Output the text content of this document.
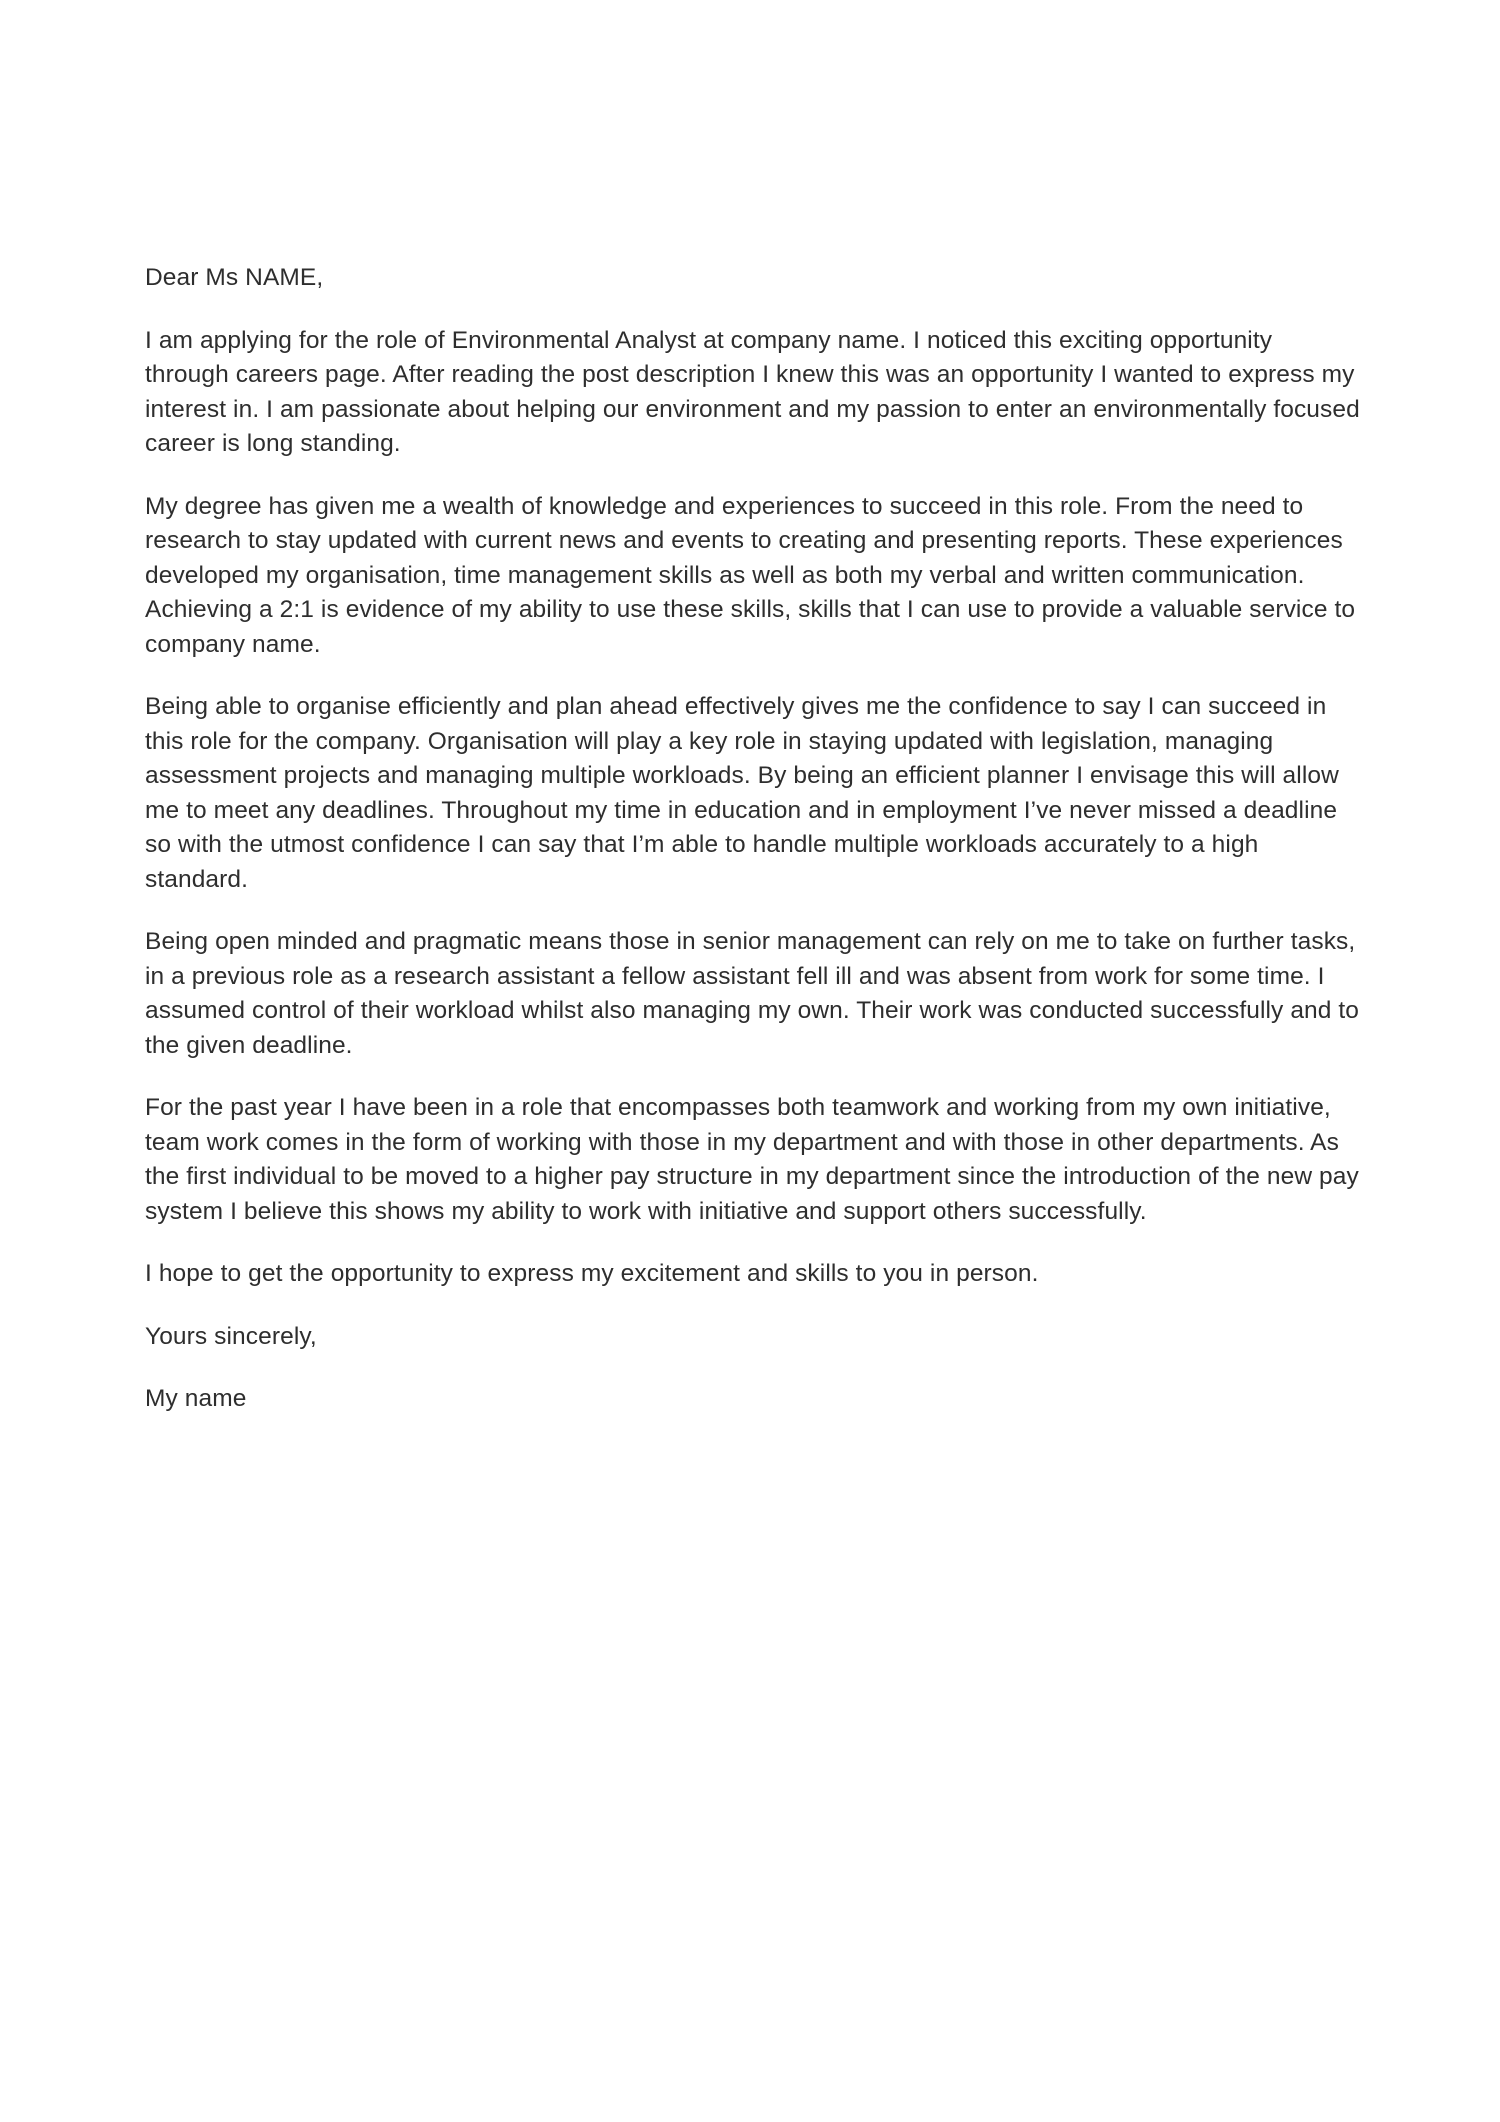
Dear Ms NAME,

I am applying for the role of Environmental Analyst at company name. I noticed this exciting opportunity through careers page. After reading the post description I knew this was an opportunity I wanted to express my interest in. I am passionate about helping our environment and my passion to enter an environmentally focused career is long standing.

My degree has given me a wealth of knowledge and experiences to succeed in this role. From the need to research to stay updated with current news and events to creating and presenting reports. These experiences developed my organisation, time management skills as well as both my verbal and written communication. Achieving a 2:1 is evidence of my ability to use these skills, skills that I can use to provide a valuable service to company name.

Being able to organise efficiently and plan ahead effectively gives me the confidence to say I can succeed in this role for the company. Organisation will play a key role in staying updated with legislation, managing assessment projects and managing multiple workloads. By being an efficient planner I envisage this will allow me to meet any deadlines. Throughout my time in education and in employment I’ve never missed a deadline so with the utmost confidence I can say that I’m able to handle multiple workloads accurately to a high standard.

Being open minded and pragmatic means those in senior management can rely on me to take on further tasks, in a previous role as a research assistant a fellow assistant fell ill and was absent from work for some time. I assumed control of their workload whilst also managing my own. Their work was conducted successfully and to the given deadline.

For the past year I have been in a role that encompasses both teamwork and working from my own initiative, team work comes in the form of working with those in my department and with those in other departments. As the first individual to be moved to a higher pay structure in my department since the introduction of the new pay system I believe this shows my ability to work with initiative and support others successfully.

I hope to get the opportunity to express my excitement and skills to you in person.

Yours sincerely,

My name
